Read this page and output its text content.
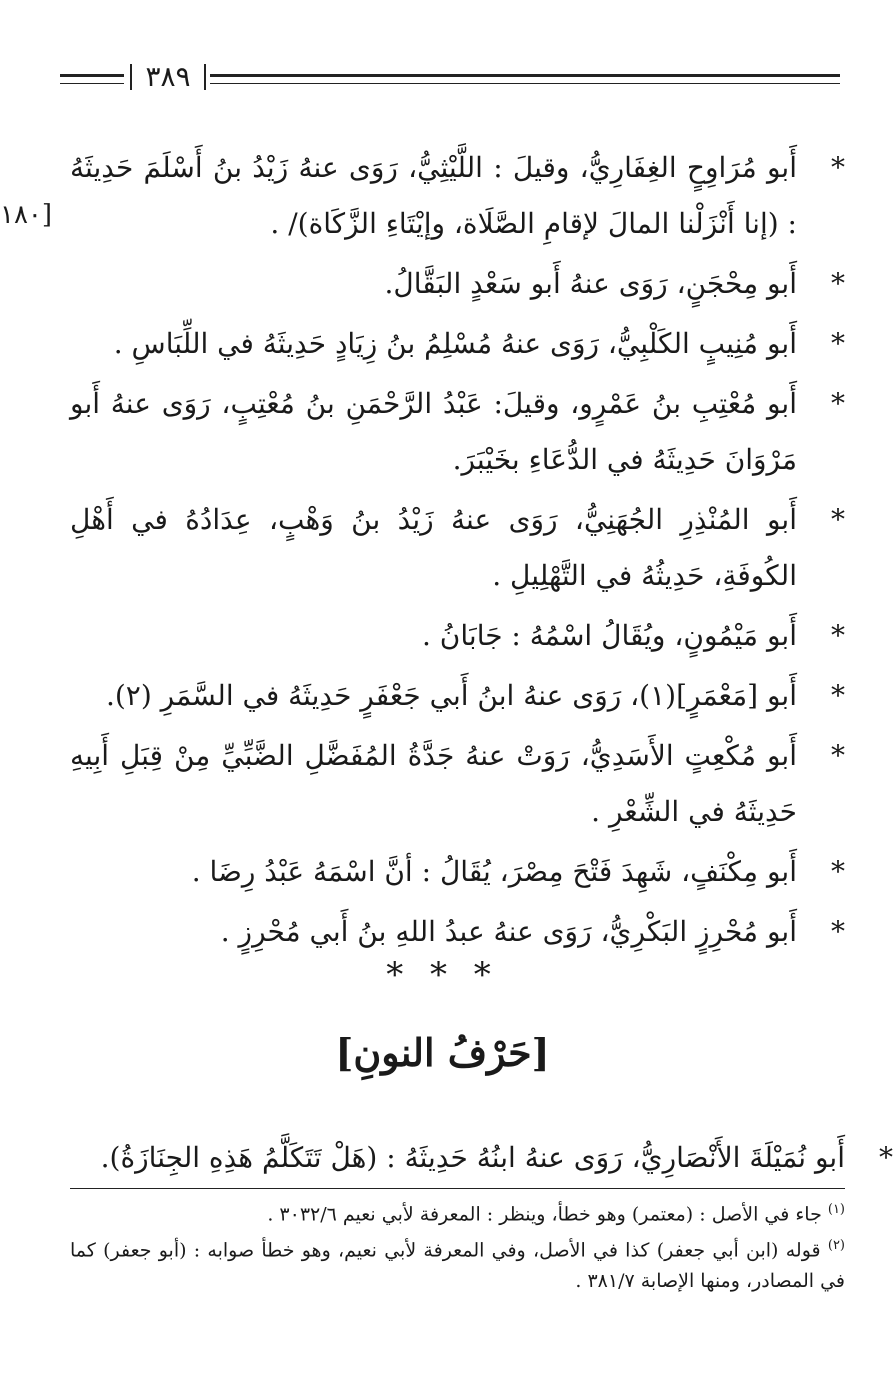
٣٨٩
[١٨٠
*
أَبو مُرَاوِحٍ الغِفَارِيُّ، وقيلَ : اللَّيْثِيُّ، رَوَى عنهُ زَيْدُ بنُ أَسْلَمَ حَدِيثَهُ : (إنا أَنْزَلْنا المالَ لإقامِ الصَّلَاة، وإيْتَاءِ الزَّكَاة)/ .
*
أَبو مِحْجَنٍ، رَوَى عنهُ أَبو سَعْدٍ البَقَّالُ.
*
أَبو مُنِيبٍ الكَلْبِيُّ، رَوَى عنهُ مُسْلِمُ بنُ زِيَادٍ حَدِيثَهُ في اللِّبَاسِ .
*
أَبو مُعْتِبِ بنُ عَمْرٍو، وقيلَ: عَبْدُ الرَّحْمَنِ بنُ مُعْتِبٍ، رَوَى عنهُ أَبو مَرْوَانَ حَدِيثَهُ في الدُّعَاءِ بخَيْبَرَ.
*
أَبو المُنْذِرِ الجُهَنِيُّ، رَوَى عنهُ زَيْدُ بنُ وَهْبٍ، عِدَادُهُ في أَهْلِ الكُوفَةِ، حَدِيثُهُ في التَّهْلِيلِ .
*
أَبو مَيْمُونٍ، ويُقَالُ اسْمُهُ : جَابَانُ .
*
أَبو [مَعْمَرٍ](١)، رَوَى عنهُ ابنُ أَبي جَعْفَرٍ حَدِيثَهُ في السَّمَرِ (٢).
*
أَبو مُكْعِتٍ الأَسَدِيُّ، رَوَتْ عنهُ جَدَّةُ المُفَضَّلِ الضَّبِّيِّ مِنْ قِبَلِ أَبِيهِ حَدِيثَهُ في الشِّعْرِ .
*
أَبو مِكْنَفٍ، شَهِدَ فَتْحَ مِصْرَ، يُقَالُ : أنَّ اسْمَهُ عَبْدُ رِضَا .
*
أَبو مُحْرِزٍ البَكْرِيُّ، رَوَى عنهُ عبدُ اللهِ بنُ أَبي مُحْرِزٍ .
* * *
[حَرْفُ النونِ]
*
أَبو نُمَيْلَةَ الأَنْصَارِيُّ، رَوَى عنهُ ابنُهُ حَدِيثَهُ : (هَلْ تَتَكَلَّمُ هَذِهِ الجِنَازَةُ).
$^{(١)}$ جاء في الأصل : (معتمر) وهو خطأ، وينظر : المعرفة لأبي نعيم ٣٠٣٢/٦ .
$^{(٢)}$ قوله (ابن أبي جعفر) كذا في الأصل، وفي المعرفة لأبي نعيم، وهو خطأ صوابه : (أبو جعفر) كما في المصادر، ومنها الإصابة ٣٨١/٧ .
